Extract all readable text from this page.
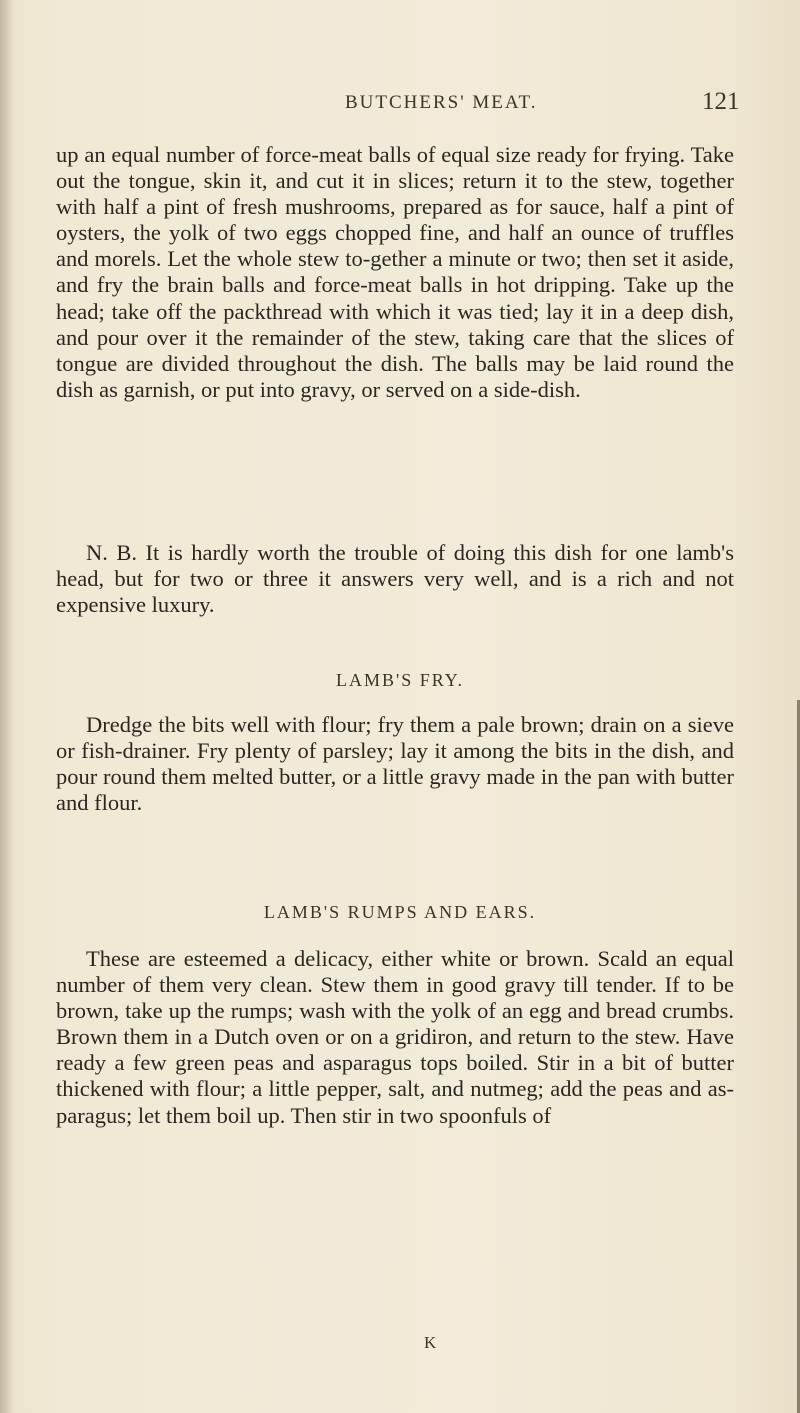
BUTCHERS' MEAT.	121

up an equal number of force-meat balls of equal size ready for frying. Take out the tongue, skin it, and cut it in slices; return it to the stew, together with half a pint of fresh mushrooms, prepared as for sauce, half a pint of oysters, the yolk of two eggs chopped fine, and half an ounce of truffles and morels. Let the whole stew to-gether a minute or two; then set it aside, and fry the brain balls and force-meat balls in hot dripping. Take up the head; take off the packthread with which it was tied; lay it in a deep dish, and pour over it the remainder of the stew, taking care that the slices of tongue are divided throughout the dish. The balls may be laid round the dish as garnish, or put into gravy, or served on a side-dish.

N. B. It is hardly worth the trouble of doing this dish for one lamb's head, but for two or three it answers very well, and is a rich and not expensive luxury.

LAMB'S FRY.

Dredge the bits well with flour; fry them a pale brown; drain on a sieve or fish-drainer. Fry plenty of parsley; lay it among the bits in the dish, and pour round them melted butter, or a little gravy made in the pan with butter and flour.

LAMB'S RUMPS AND EARS.

These are esteemed a delicacy, either white or brown. Scald an equal number of them very clean. Stew them in good gravy till tender. If to be brown, take up the rumps; wash with the yolk of an egg and bread crumbs. Brown them in a Dutch oven or on a gridiron, and return to the stew. Have ready a few green peas and asparagus tops boiled. Stir in a bit of butter thickened with flour; a little pepper, salt, and nutmeg; add the peas and as-paragus; let them boil up. Then stir in two spoonfuls of

K
